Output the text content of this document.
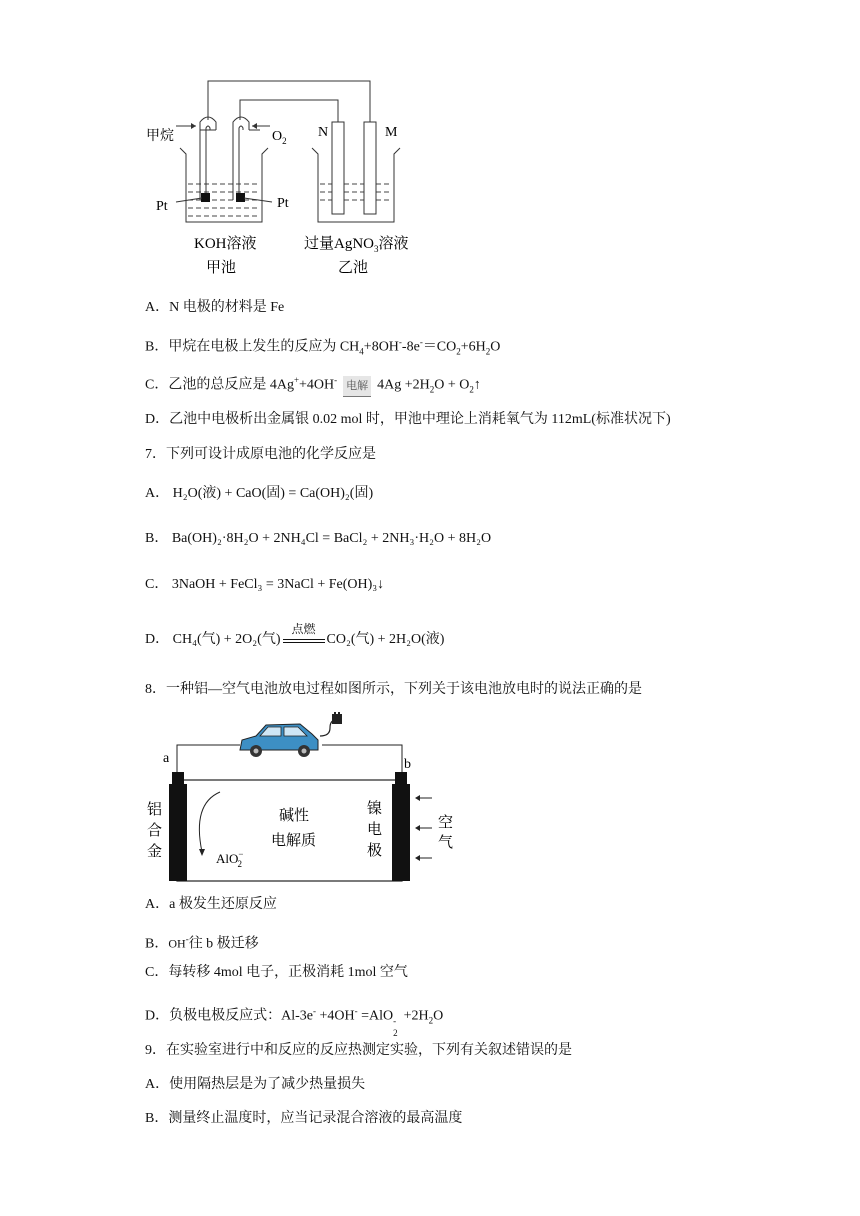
甲烷	$O_2$
Pt	Pt
N	M
KOH溶液
甲池
过量AgNO$_3$溶液
乙池
A．N 电极的材料是 Fe
B．甲烷在电极上发生的反应为 $CH_4+8OH^--8e^-=CO_2+6H_2O$
C．乙池的总反应是 4Ag++4OH- 电解 $4Ag +2H_2O$ + $O_2↑$
D．乙池中电极析出金属银 0.02 mol 时，甲池中理论上消耗氧气为 112mL(标准状况下)
7．下列可设计成原电池的化学反应是
A． H₂O(液) + CaO(固) = Ca(OH)₂(固)
B． Ba(OH)₂·8H₂O + 2NH₄Cl = BaCl₂ + 2NH₃·H₂O + 8H₂O
C． 3NaOH + FeCl₃ = 3NaCl + Fe(OH)₃↓
D． CH₄(气) + 2O₂(气)
点燃
CO₂(气) + 2H₂O(液)
8．一种铝—空气电池放电过程如图所示，下列关于该电池放电时的说法正确的是
a	b
铝
合
金
镍
电
极
碱性
电解质
空
气
AlO− 2
A．a 极发生还原反应
B．OH-往 b 极迁移
C．每转移 4mol 电子，正极消耗 1mol 空气
D．负极电极反应式：Al-3e- +4OH- =AlO -
2
$+2H_2O$
9．在实验室进行中和反应的反应热测定实验，下列有关叙述错误的是
A．使用隔热层是为了减少热量损失
B．测量终止温度时，应当记录混合溶液的最高温度
